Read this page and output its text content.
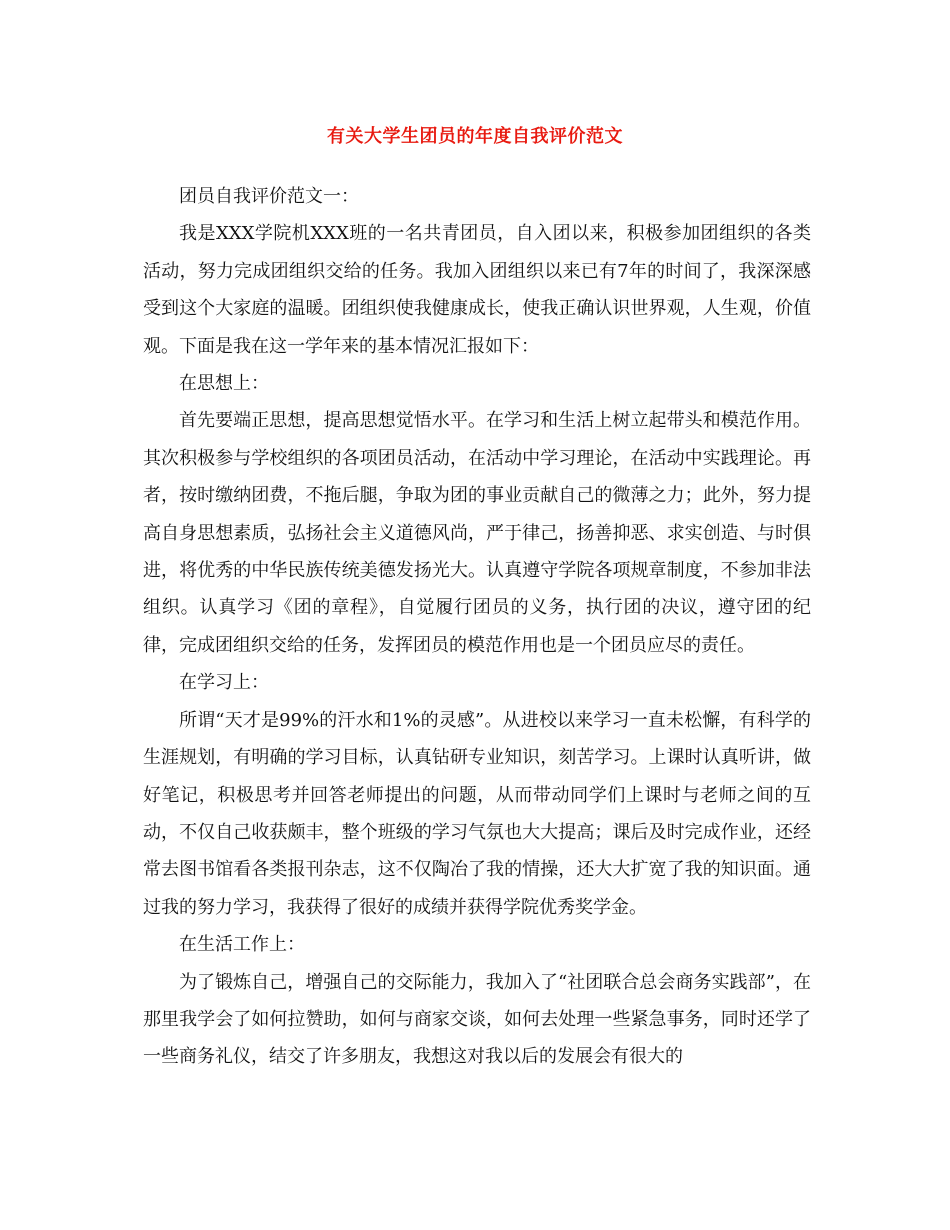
有关大学生团员的年度自我评价范文

团员自我评价范文一：

我是XXX学院机XXX班的一名共青团员，自入团以来，积极参加团组织的各类活动，努力完成团组织交给的任务。我加入团组织以来已有7年的时间了，我深深感受到这个大家庭的温暖。团组织使我健康成长，使我正确认识世界观，人生观，价值观。下面是我在这一学年来的基本情况汇报如下：

在思想上：

首先要端正思想，提高思想觉悟水平。在学习和生活上树立起带头和模范作用。其次积极参与学校组织的各项团员活动，在活动中学习理论，在活动中实践理论。再者，按时缴纳团费，不拖后腿，争取为团的事业贡献自己的微薄之力；此外，努力提高自身思想素质，弘扬社会主义道德风尚，严于律己，扬善抑恶、求实创造、与时俱进，将优秀的中华民族传统美德发扬光大。认真遵守学院各项规章制度，不参加非法组织。认真学习《团的章程》，自觉履行团员的义务，执行团的决议，遵守团的纪律，完成团组织交给的任务，发挥团员的模范作用也是一个团员应尽的责任。

在学习上：

所谓“天才是99%的汗水和1%的灵感”。从进校以来学习一直未松懈，有科学的生涯规划，有明确的学习目标，认真钻研专业知识，刻苦学习。上课时认真听讲，做好笔记，积极思考并回答老师提出的问题，从而带动同学们上课时与老师之间的互动，不仅自己收获颇丰，整个班级的学习气氛也大大提高；课后及时完成作业，还经常去图书馆看各类报刊杂志，这不仅陶冶了我的情操，还大大扩宽了我的知识面。通过我的努力学习，我获得了很好的成绩并获得学院优秀奖学金。

在生活工作上：

为了锻炼自己，增强自己的交际能力，我加入了“社团联合总会商务实践部”，在那里我学会了如何拉赞助，如何与商家交谈，如何去处理一些紧急事务，同时还学了一些商务礼仪，结交了许多朋友，我想这对我以后的发展会有很大的
